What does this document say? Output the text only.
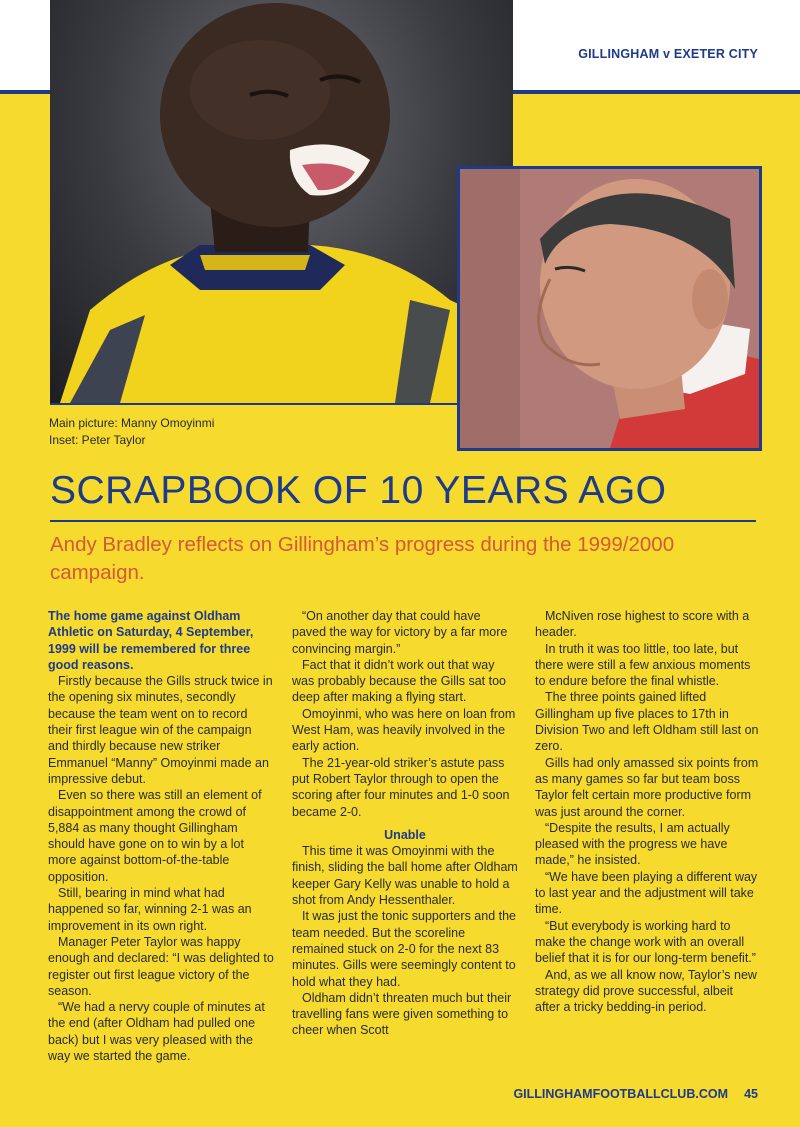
GILLINGHAM v EXETER CITY
Main picture: Manny Omoyinmi
Inset: Peter Taylor
SCRAPBOOK OF 10 YEARS AGO
Andy Bradley reflects on Gillingham’s progress during the 1999/2000 campaign.

The home game against Oldham Athletic on Saturday, 4 September, 1999 will be remembered for three good reasons.

Firstly because the Gills struck twice in the opening six minutes, secondly because the team went on to record their first league win of the campaign and thirdly because new striker Emmanuel “Manny” Omoyinmi made an impressive debut.

Even so there was still an element of disappointment among the crowd of 5,884 as many thought Gillingham should have gone on to win by a lot more against bottom-of-the-table opposition.

Still, bearing in mind what had happened so far, winning 2-1 was an improvement in its own right.

Manager Peter Taylor was happy enough and declared: “I was delighted to register out first league victory of the season.

“We had a nervy couple of minutes at the end (after Oldham had pulled one back) but I was very pleased with the way we started the game.

“On another day that could have paved the way for victory by a far more convincing margin.”

Fact that it didn’t work out that way was probably because the Gills sat too deep after making a flying start.

Omoyinmi, who was here on loan from West Ham, was heavily involved in the early action.

The 21-year-old striker’s astute pass put Robert Taylor through to open the scoring after four minutes and 1-0 soon became 2-0.

Unable

This time it was Omoyinmi with the finish, sliding the ball home after Oldham keeper Gary Kelly was unable to hold a shot from Andy Hessenthaler.

It was just the tonic supporters and the team needed. But the scoreline remained stuck on 2-0 for the next 83 minutes. Gills were seemingly content to hold what they had.

Oldham didn’t threaten much but their travelling fans were given something to cheer when Scott

McNiven rose highest to score with a header.

In truth it was too little, too late, but there were still a few anxious moments to endure before the final whistle.

The three points gained lifted Gillingham up five places to 17th in Division Two and left Oldham still last on zero.

Gills had only amassed six points from as many games so far but team boss Taylor felt certain more productive form was just around the corner.

“Despite the results, I am actually pleased with the progress we have made,” he insisted.

“We have been playing a different way to last year and the adjustment will take time.

“But everybody is working hard to make the change work with an overall belief that it is for our long-term benefit.”

And, as we all know now, Taylor’s new strategy did prove successful, albeit after a tricky bedding-in period.

GILLINGHAMFOOTBALLCLUB.COM 45
